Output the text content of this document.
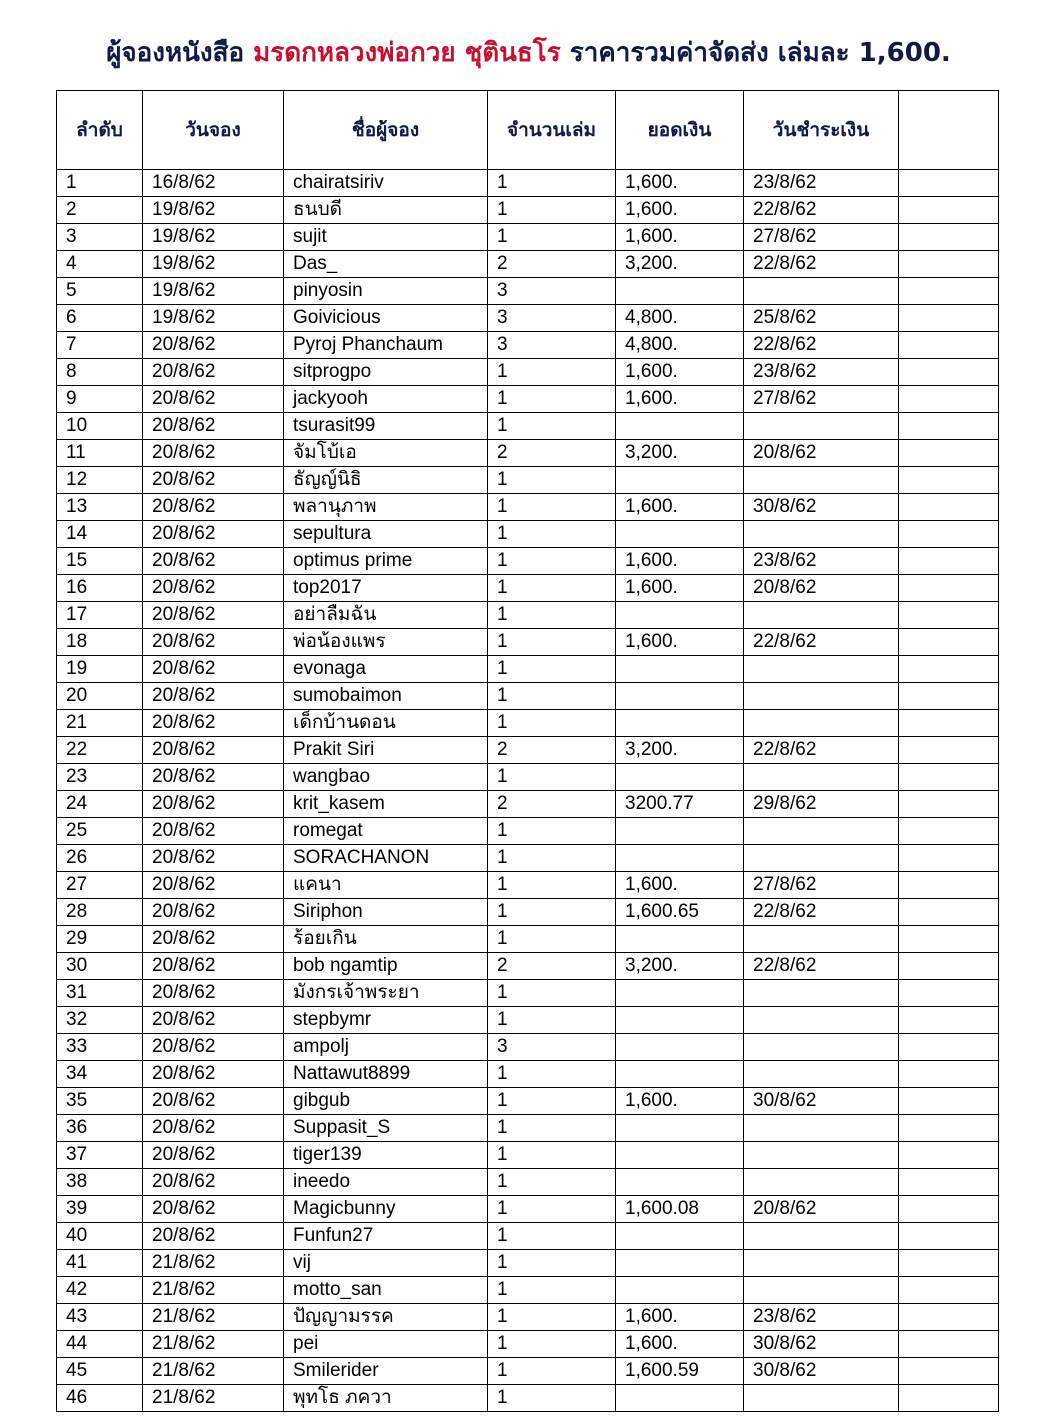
ผู้จองหนังสือ มรดกหลวงพ่อกวย ชุตินธโร ราคารวมค่าจัดส่ง เล่มละ 1,600.
ลำดับ	วันจอง	ชื่อผู้จอง	จำนวนเล่ม	ยอดเงิน	วันชำระเงิน	
1	16/8/62	chairatsiriv	1	1,600.	23/8/62	
2	19/8/62	ธนบดี	1	1,600.	22/8/62	
3	19/8/62	sujit	1	1,600.	27/8/62	
4	19/8/62	Das_	2	3,200.	22/8/62	
5	19/8/62	pinyosin	3			
6	19/8/62	Goivicious	3	4,800.	25/8/62	
7	20/8/62	Pyroj Phanchaum	3	4,800.	22/8/62	
8	20/8/62	sitprogpo	1	1,600.	23/8/62	
9	20/8/62	jackyooh	1	1,600.	27/8/62	
10	20/8/62	tsurasit99	1			
11	20/8/62	จัมโบ้เอ	2	3,200.	20/8/62	
12	20/8/62	ธัญญ์นิธิ	1			
13	20/8/62	พลานุภาพ	1	1,600.	30/8/62	
14	20/8/62	sepultura	1			
15	20/8/62	optimus prime	1	1,600.	23/8/62	
16	20/8/62	top2017	1	1,600.	20/8/62	
17	20/8/62	อย่าลืมฉัน	1			
18	20/8/62	พ่อน้องแพร	1	1,600.	22/8/62	
19	20/8/62	evonaga	1			
20	20/8/62	sumobaimon	1			
21	20/8/62	เด็กบ้านดอน	1			
22	20/8/62	Prakit Siri	2	3,200.	22/8/62	
23	20/8/62	wangbao	1			
24	20/8/62	krit_kasem	2	3200.77	29/8/62	
25	20/8/62	romegat	1			
26	20/8/62	SORACHANON	1			
27	20/8/62	แคนา	1	1,600.	27/8/62	
28	20/8/62	Siriphon	1	1,600.65	22/8/62	
29	20/8/62	ร้อยเกิน	1			
30	20/8/62	bob ngamtip	2	3,200.	22/8/62	
31	20/8/62	มังกรเจ้าพระยา	1			
32	20/8/62	stepbymr	1			
33	20/8/62	ampolj	3			
34	20/8/62	Nattawut8899	1			
35	20/8/62	gibgub	1	1,600.	30/8/62	
36	20/8/62	Suppasit_S	1			
37	20/8/62	tiger139	1			
38	20/8/62	ineedo	1			
39	20/8/62	Magicbunny	1	1,600.08	20/8/62	
40	20/8/62	Funfun27	1			
41	21/8/62	vij	1			
42	21/8/62	motto_san	1			
43	21/8/62	ปัญญามรรค	1	1,600.	23/8/62	
44	21/8/62	pei	1	1,600.	30/8/62	
45	21/8/62	Smilerider	1	1,600.59	30/8/62	
46	21/8/62	พุทโธ ภควา	1			
